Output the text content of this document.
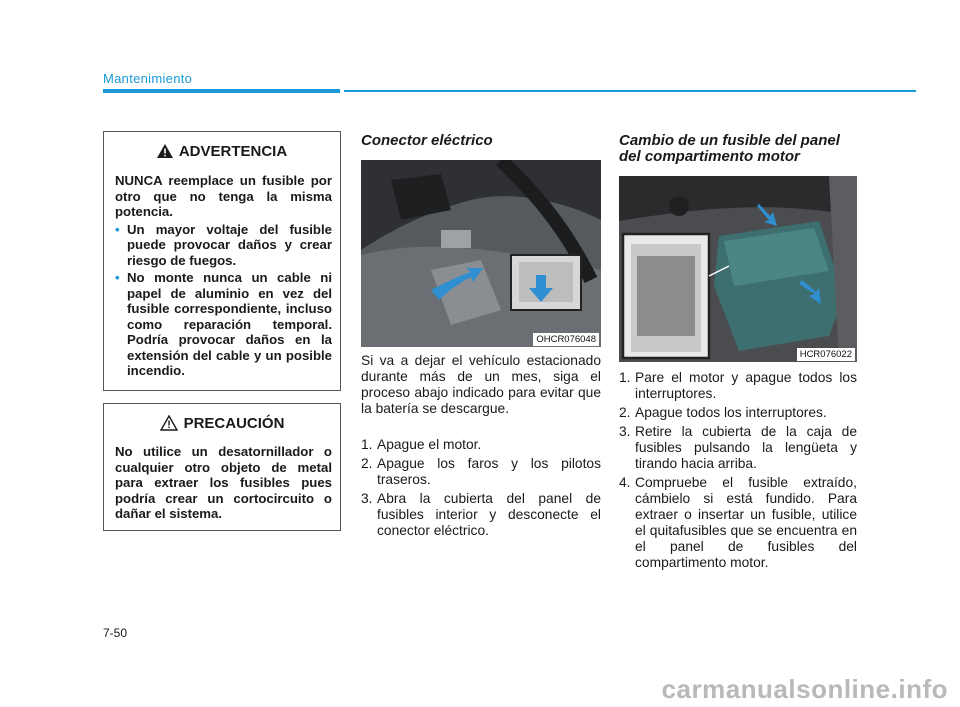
Mantenimiento
ADVERTENCIA

NUNCA reemplace un fusible por otro que no tenga la misma potencia.

• Un mayor voltaje del fusible puede provocar daños y crear riesgo de fuegos.
• No monte nunca un cable ni papel de aluminio en vez del fusible correspondiente, incluso como reparación temporal. Podría provocar daños en la extensión del cable y un posible incendio.
PRECAUCIÓN

No utilice un desatornillador o cualquier otro objeto de metal para extraer los fusibles pues podría crear un cortocircuito o dañar el sistema.

Conector eléctrico
OHCR076048

Si va a dejar el vehículo estacionado durante más de un mes, siga el proceso abajo indicado para evitar que la batería se descargue.

1. Apague el motor.
2. Apague los faros y los pilotos traseros.
3. Abra la cubierta del panel de fusibles interior y desconecte el conector eléctrico.
Cambio de un fusible del panel del compartimento motor
HCR076022
1. Pare el motor y apague todos los interruptores.
2. Apague todos los interruptores.
3. Retire la cubierta de la caja de fusibles pulsando la lengüeta y tirando hacia arriba.
4. Compruebe el fusible extraído, cámbielo si está fundido. Para extraer o insertar un fusible, utilice el quitafusibles que se encuentra en el panel de fusibles del compartimento motor.
7-50
carmanualsonline.info
